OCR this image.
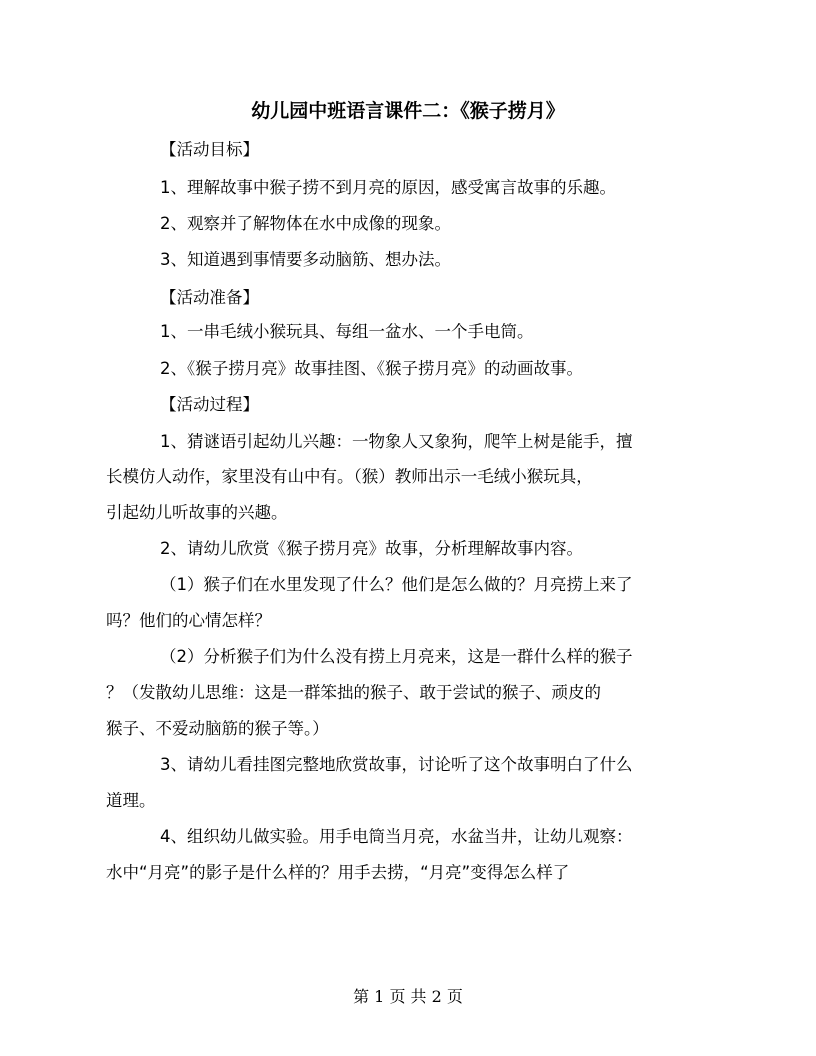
幼儿园中班语言课件二：《猴子捞月》
【活动目标】
1、理解故事中猴子捞不到月亮的原因，感受寓言故事的乐趣。
2、观察并了解物体在水中成像的现象。
3、知道遇到事情要多动脑筋、想办法。
【活动准备】
1、一串毛绒小猴玩具、每组一盆水、一个手电筒。
2、《猴子捞月亮》故事挂图、《猴子捞月亮》的动画故事。
【活动过程】
1、猜谜语引起幼儿兴趣：一物象人又象狗，爬竿上树是能手，擅
长模仿人动作，家里没有山中有。（猴）教师出示一毛绒小猴玩具，
引起幼儿听故事的兴趣。
2、请幼儿欣赏《猴子捞月亮》故事，分析理解故事内容。
（1）猴子们在水里发现了什么？他们是怎么做的？月亮捞上来了
吗？他们的心情怎样？
（2）分析猴子们为什么没有捞上月亮来，这是一群什么样的猴子
？（发散幼儿思维：这是一群笨拙的猴子、敢于尝试的猴子、顽皮的
猴子、不爱动脑筋的猴子等。）
3、请幼儿看挂图完整地欣赏故事，讨论听了这个故事明白了什么
道理。
4、组织幼儿做实验。用手电筒当月亮，水盆当井，让幼儿观察：
水中“月亮”的影子是什么样的？用手去捞，“月亮”变得怎么样了
第 1 页 共 2 页
